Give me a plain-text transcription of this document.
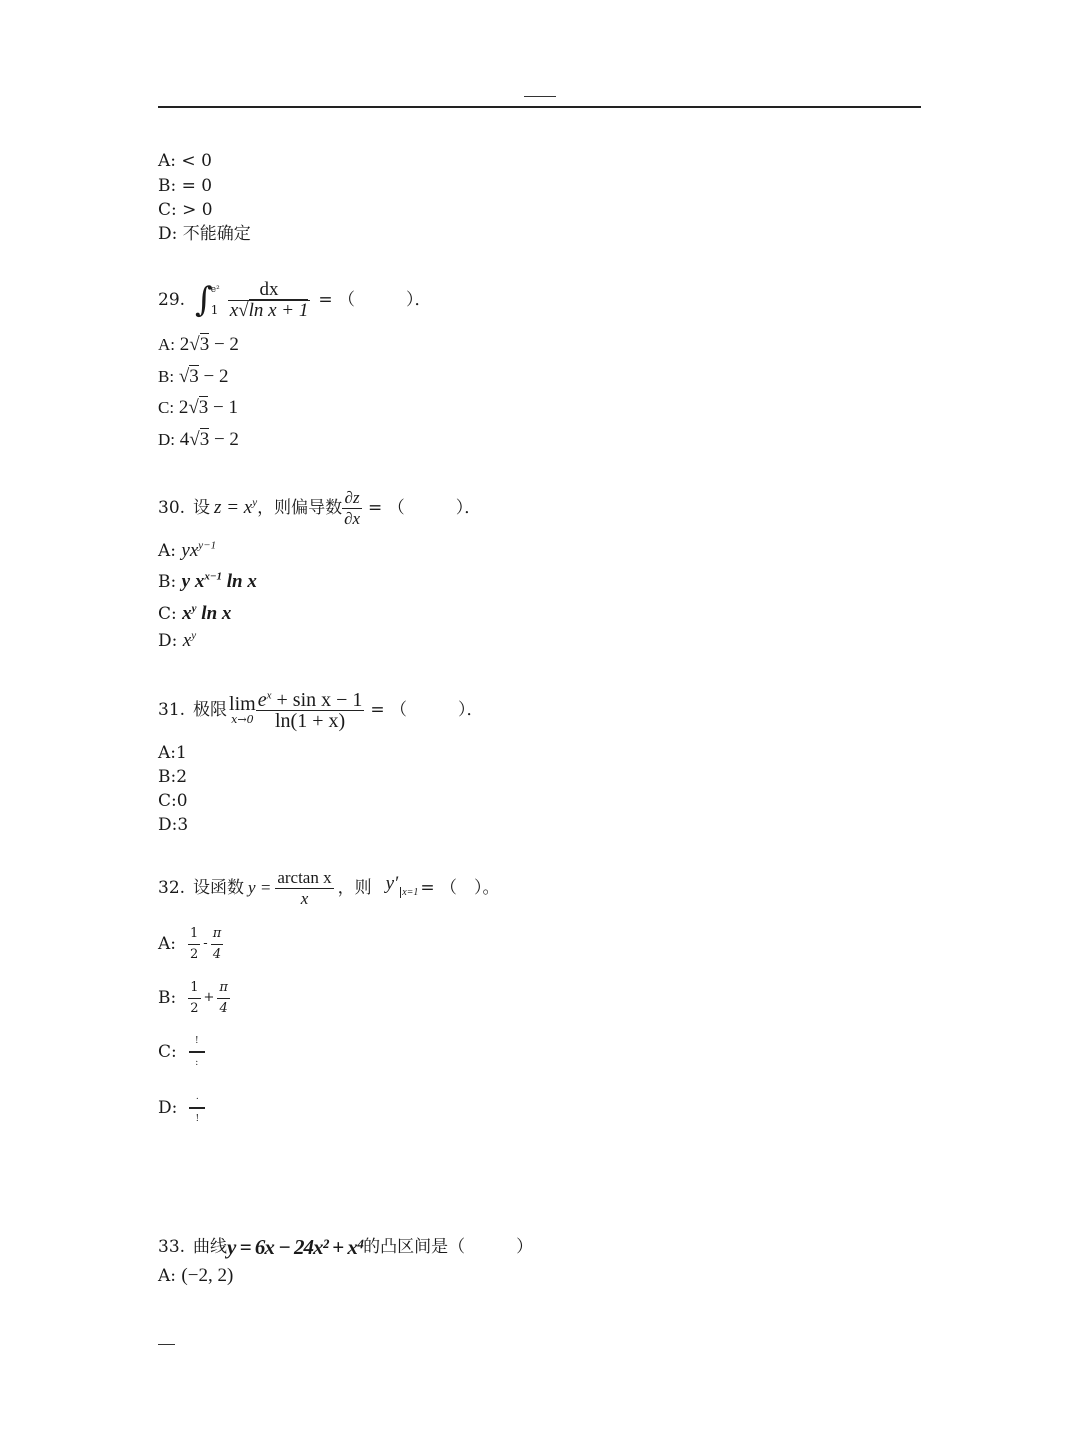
A: < 0
B: = 0
C: > 0
D: 不能确定
29. ∫
e²
$1 \frac{dx}{\text{x√ln x + 1}}$ = （　　　）．
A: 2√3 − 2
B: √3 − 2
C: 2√3 − 1
D: 4√3 − 2
30. 设 $z = x^y$ ，则偏导数 $\frac{\partial z}{\partial x}$ = （　　　）．
A: $yx^{y-1}$
B: y $x^{x-1}$ ln x
C: $x^y$ ln x
D: $x^y$
31. 极限 lim
$x\to 0 \frac{e^x + \sin x - 1}{\ln(1 + x)}$ = （　　　）．
A:1
B:2
C:0
D:3
32. 设函数 $y = \frac{\text{arctan x}}{x}$ ，则 y′ $_{x=1}$ = （　）。
A: $\frac{1}{2} - \frac{\pi}{4}$
B: $\frac{1}{2} + \frac{\pi}{4}$
C: $\frac{!}{:}$
D: $\frac{.}{!}$
33. 曲线 y = 6x − 24x² + x⁴ 的凸区间是（　　　）
A: (−2, 2)
